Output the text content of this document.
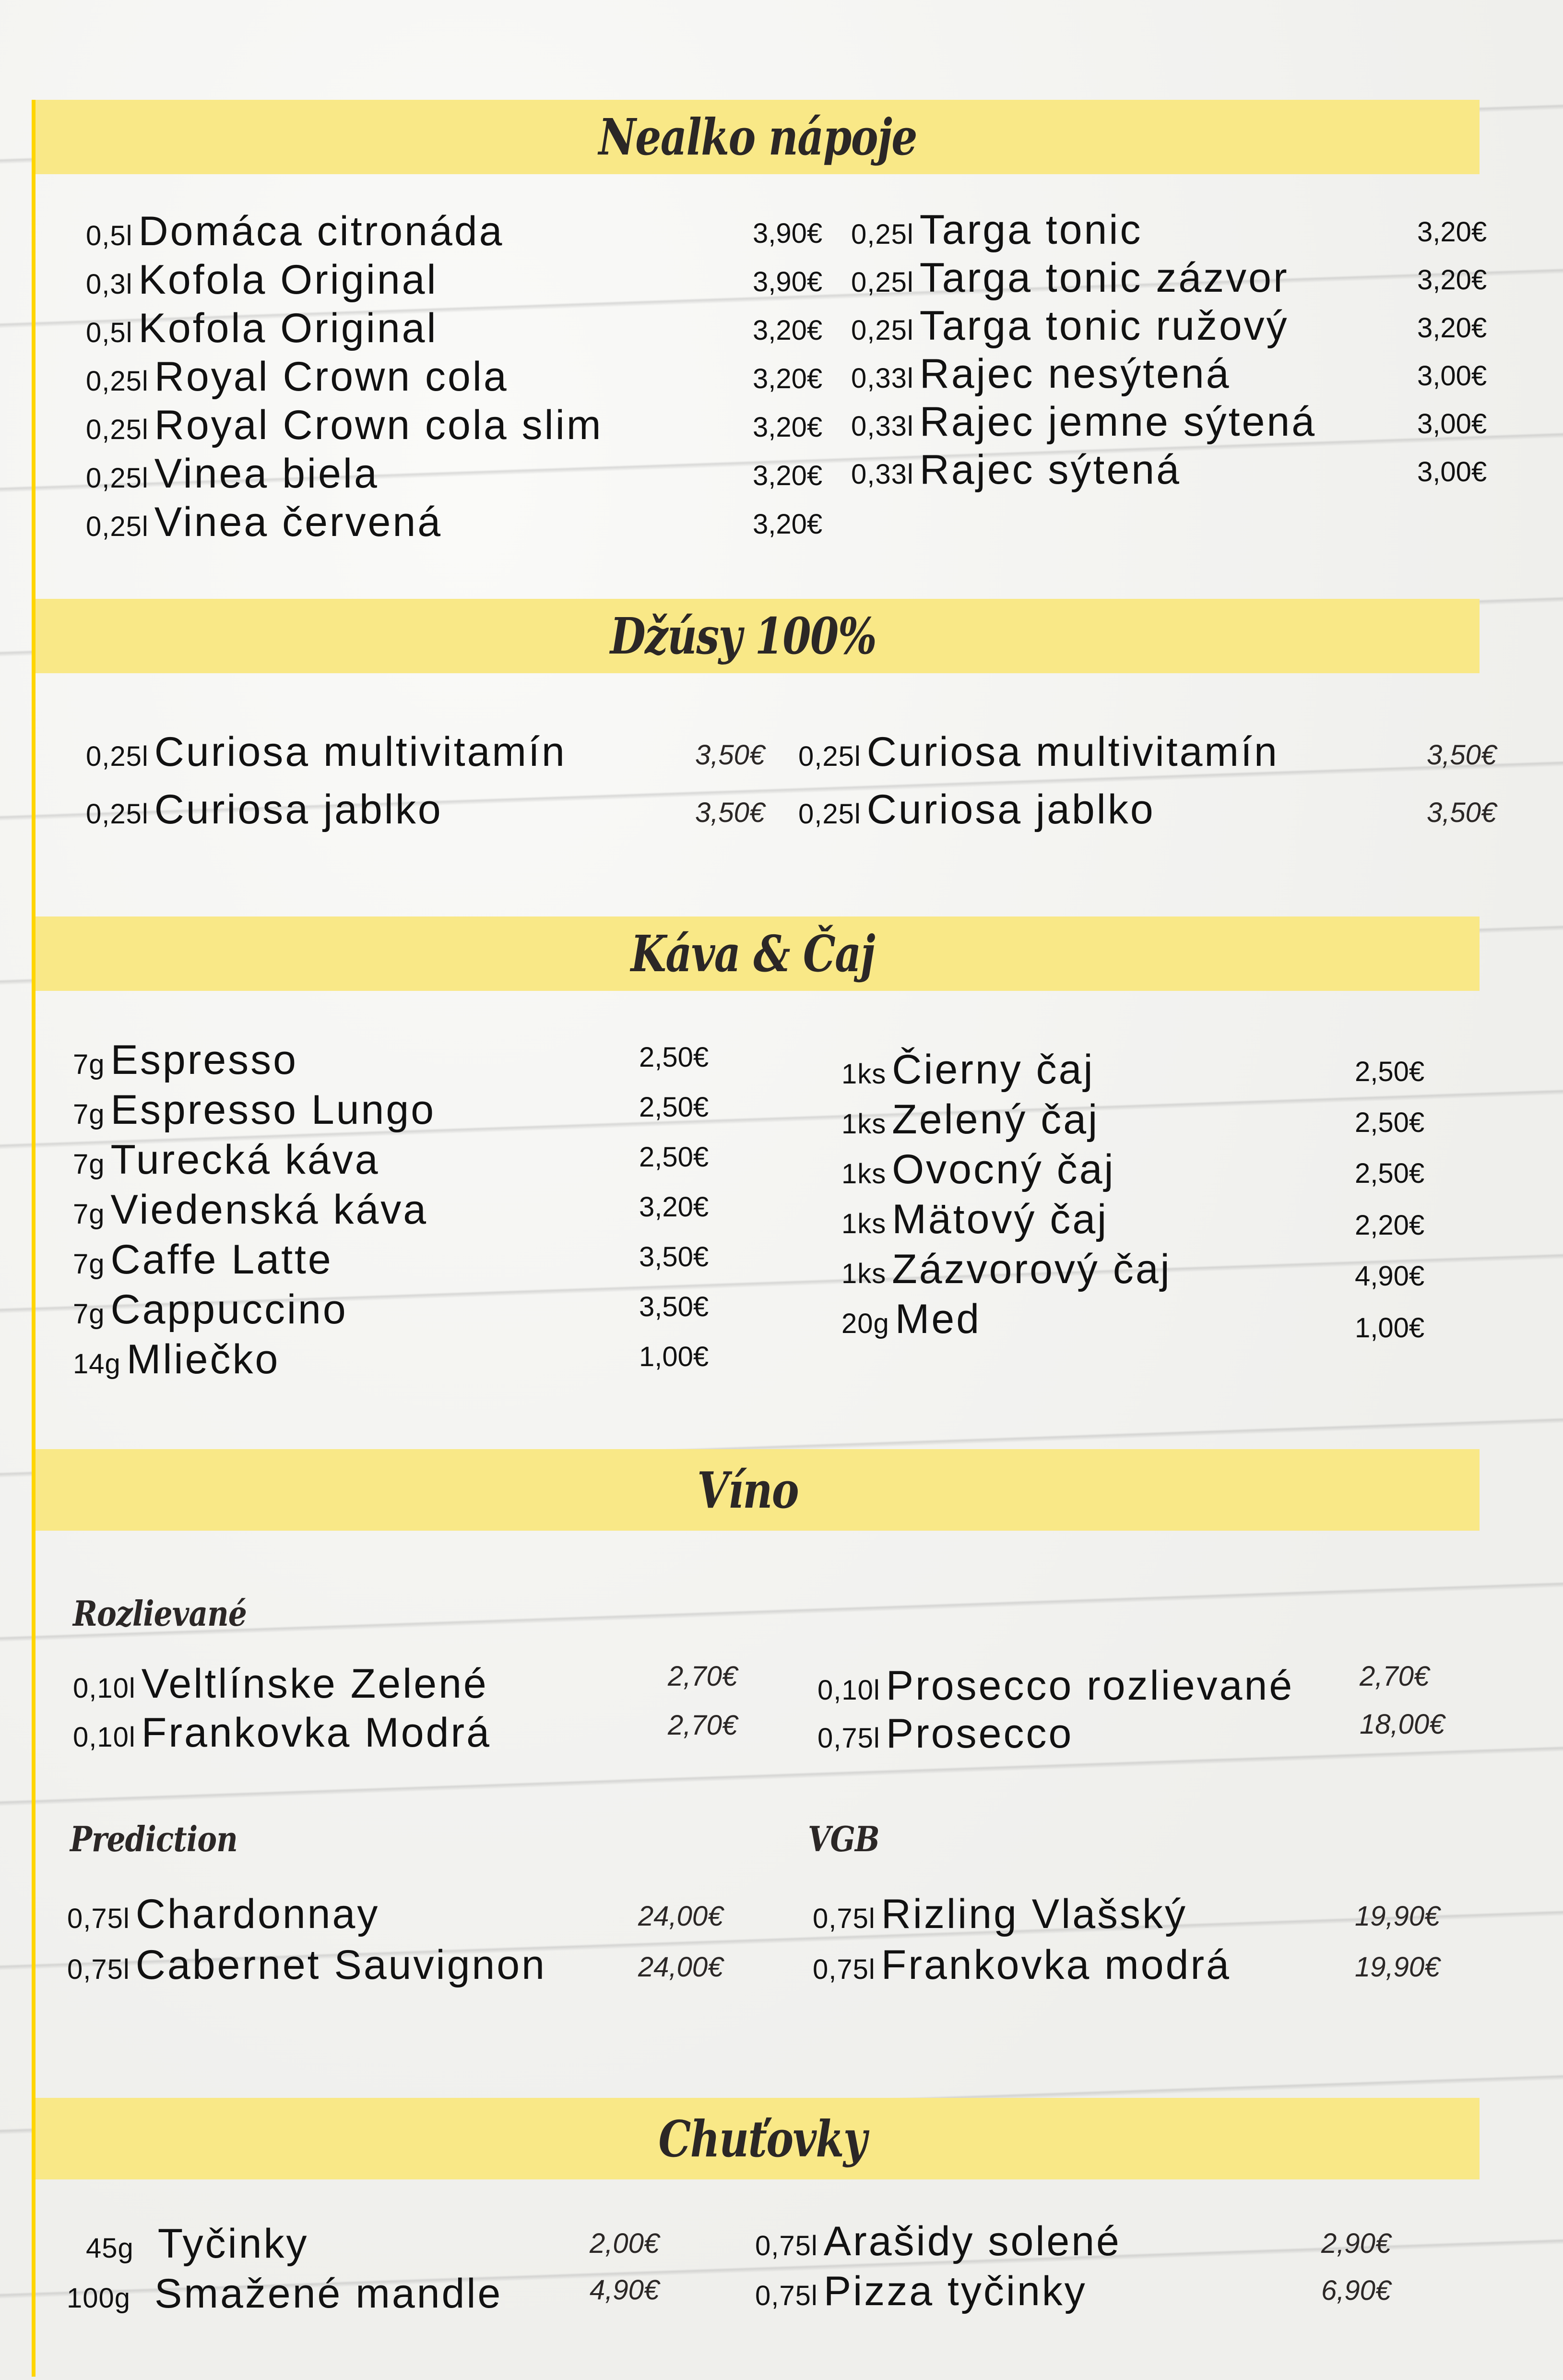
Nealko nápoje
0,5l Domáca citronáda
0,3l Kofola Original
0,5l Kofola Original
0,25l Royal Crown cola
0,25l Royal Crown cola slim
0,25l Vinea biela
0,25l Vinea červená
3,90€
3,90€
3,20€
3,20€
3,20€
3,20€
3,20€
0,25l Targa tonic
0,25l Targa tonic zázvor
0,25l Targa tonic ružový
0,33l Rajec nesýtená
0,33l Rajec jemne sýtená
0,33l Rajec sýtená
3,20€
3,20€
3,20€
3,00€
3,00€
3,00€
Džúsy 100%
0,25l Curiosa multivitamín
0,25l Curiosa jablko
3,50€
3,50€
0,25l Curiosa multivitamín
0,25l Curiosa jablko
3,50€
3,50€
Káva & Čaj
7g Espresso
7g Espresso Lungo
7g Turecká káva
7g Viedenská káva
7g Caffe Latte
7g Cappuccino
14g Mliečko
2,50€
2,50€
2,50€
3,20€
3,50€
3,50€
1,00€
1ks Čierny čaj
1ks Zelený čaj
1ks Ovocný čaj
1ks Mätový čaj
1ks Zázvorový čaj
20g Med
2,50€
2,50€
2,50€
2,20€
4,90€
1,00€
Víno
Rozlievané
0,10l Veltlínske Zelené
0,10l Frankovka Modrá
2,70€
2,70€
0,10l Prosecco rozlievané
0,75l Prosecco
2,70€
18,00€
Prediction
0,75l Chardonnay
0,75l Cabernet Sauvignon
24,00€
24,00€
VGB
0,75l Rizling Vlašský
0,75l Frankovka modrá
19,90€
19,90€
Chuťovky
45g Tyčinky
100g Smažené mandle
2,00€
4,90€
0,75l Arašidy solené
0,75l Pizza tyčinky
2,90€
6,90€
